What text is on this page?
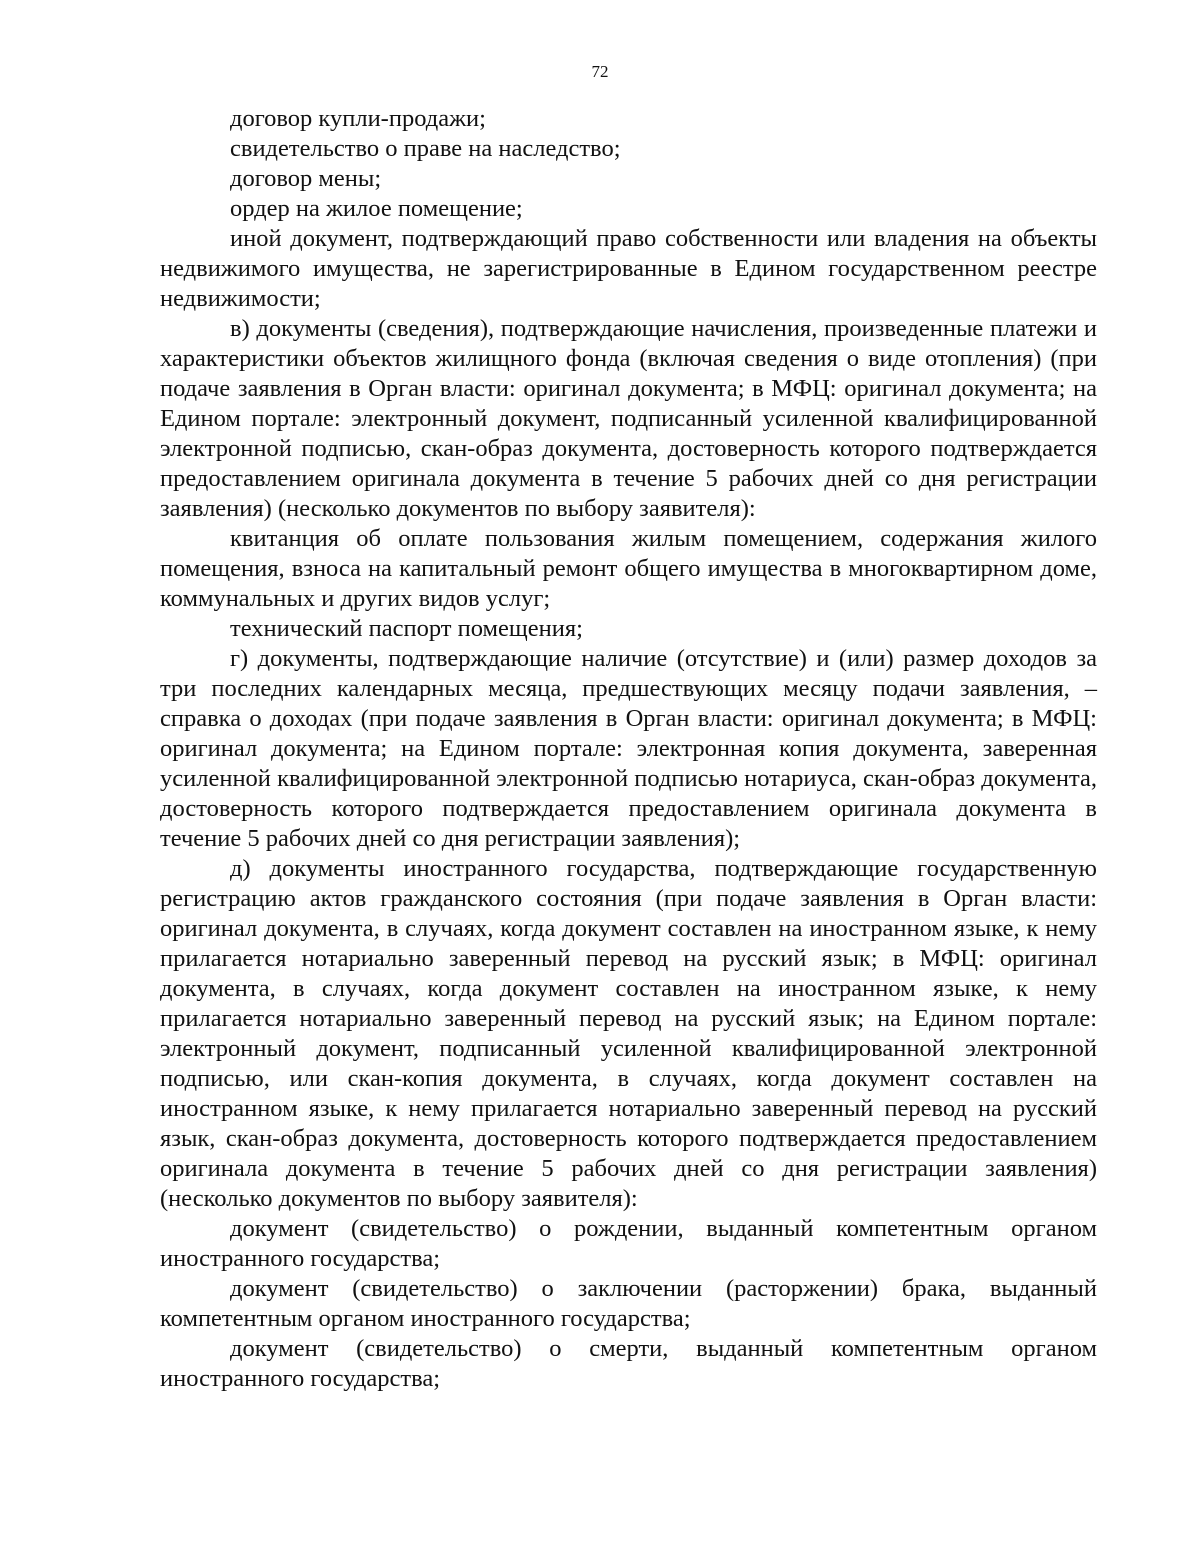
72

договор купли-продажи;

свидетельство о праве на наследство;

договор мены;

ордер на жилое помещение;

иной документ, подтверждающий право собственности или владения на объекты недвижимого имущества, не зарегистрированные в Едином государственном реестре недвижимости;

в) документы (сведения), подтверждающие начисления, произведенные платежи и характеристики объектов жилищного фонда (включая сведения о виде отопления) (при подаче заявления в Орган власти: оригинал документа; в МФЦ: оригинал документа; на Едином портале: электронный документ, подписанный усиленной квалифицированной электронной подписью, скан-образ документа, достоверность которого подтверждается предоставлением оригинала документа в течение 5 рабочих дней со дня регистрации заявления) (несколько документов по выбору заявителя):

квитанция об оплате пользования жилым помещением, содержания жилого помещения, взноса на капитальный ремонт общего имущества в многоквартирном доме, коммунальных и других видов услуг;

технический паспорт помещения;

г) документы, подтверждающие наличие (отсутствие) и (или) размер доходов за три последних календарных месяца, предшествующих месяцу подачи заявления, – справка о доходах (при подаче заявления в Орган власти: оригинал документа; в МФЦ: оригинал документа; на Едином портале: электронная копия документа, заверенная усиленной квалифицированной электронной подписью нотариуса, скан-образ документа, достоверность которого подтверждается предоставлением оригинала документа в течение 5 рабочих дней со дня регистрации заявления);

д) документы иностранного государства, подтверждающие государственную регистрацию актов гражданского состояния (при подаче заявления в Орган власти: оригинал документа, в случаях, когда документ составлен на иностранном языке, к нему прилагается нотариально заверенный перевод на русский язык; в МФЦ: оригинал документа, в случаях, когда документ составлен на иностранном языке, к нему прилагается нотариально заверенный перевод на русский язык; на Едином портале: электронный документ, подписанный усиленной квалифицированной электронной подписью, или скан-копия документа, в случаях, когда документ составлен на иностранном языке, к нему прилагается нотариально заверенный перевод на русский язык, скан-образ документа, достоверность которого подтверждается предоставлением оригинала документа в течение 5 рабочих дней со дня регистрации заявления) (несколько документов по выбору заявителя):

документ (свидетельство) о рождении, выданный компетентным органом иностранного государства;

документ (свидетельство) о заключении (расторжении) брака, выданный компетентным органом иностранного государства;

документ (свидетельство) о смерти, выданный компетентным органом иностранного государства;
